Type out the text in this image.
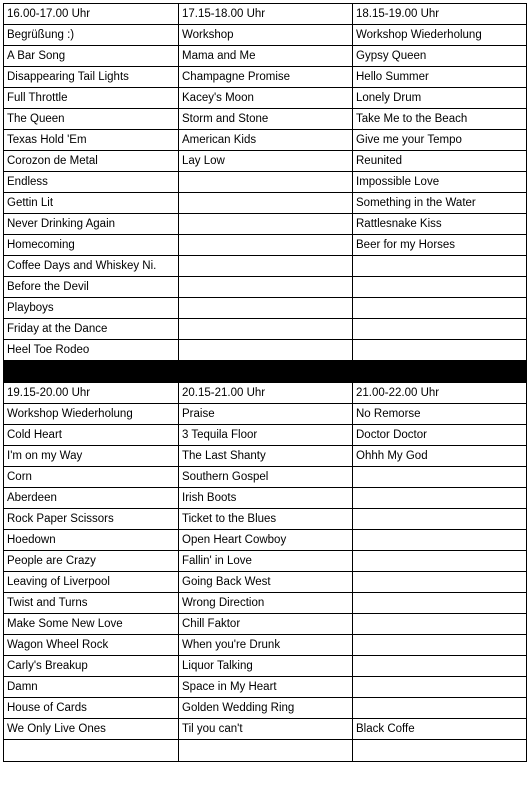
16.00-17.00 Uhr	17.15-18.00 Uhr	18.15-19.00 Uhr
Begrüßung :)	Workshop	Workshop Wiederholung
A Bar Song	Mama and Me	Gypsy Queen
Disappearing Tail Lights	Champagne Promise	Hello Summer
Full Throttle	Kacey's Moon	Lonely Drum
The Queen	Storm and Stone	Take Me to the Beach
Texas Hold 'Em	American Kids	Give me your Tempo
Corozon de Metal	Lay Low	Reunited
Endless		Impossible Love
Gettin Lit		Something in the Water
Never Drinking Again		Rattlesnake Kiss
Homecoming		Beer for my Horses
Coffee Days and Whiskey Ni.		
Before the Devil		
Playboys		
Friday at the Dance		
Heel Toe Rodeo		

19.15-20.00 Uhr	20.15-21.00 Uhr	21.00-22.00 Uhr
Workshop Wiederholung	Praise	No Remorse
Cold Heart	3 Tequila Floor	Doctor Doctor
I'm on my Way	The Last Shanty	Ohhh My God
Corn	Southern Gospel	
Aberdeen	Irish Boots	
Rock Paper Scissors	Ticket to the Blues	
Hoedown	Open Heart Cowboy	
People are Crazy	Fallin' in Love	
Leaving of Liverpool	Going Back West	
Twist and Turns	Wrong Direction	
Make Some New Love	Chill Faktor	
Wagon Wheel Rock	When you're Drunk	
Carly's Breakup	Liquor Talking	
Damn	Space in My Heart	
House of Cards	Golden Wedding Ring	
We Only Live Ones	Til you can't	Black Coffe
